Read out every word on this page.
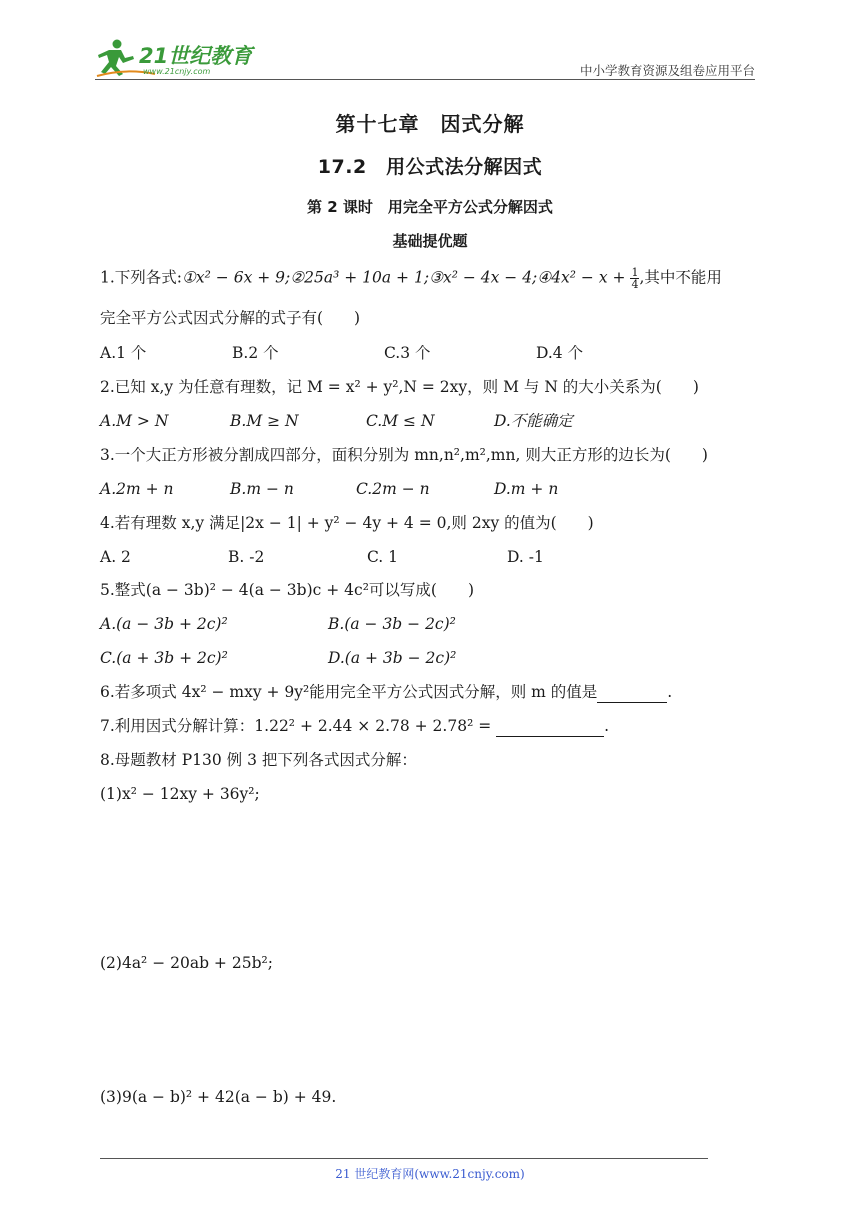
21世纪教育
www.21cnjy.com	中小学教育资源及组卷应用平台
第十七章　因式分解
17.2　用公式法分解因式
第 2 课时　用完全平方公式分解因式
基础提优题
1.下列各式:①x² − 6x + 9;②25a³ + 10a + 1;③x² − 4x − 4;④4x² − $x + \frac{1}{4}$ ,其中不能用
完全平方公式因式分解的式子有(　　)
A.1 个	B.2 个	C.3 个	D.4 个
2.已知 x,y 为任意有理数，记 M = x² + y²,N = 2xy，则 M 与 N 的大小关系为(　　)
A.M > N	B.M ≥ N	C.M ≤ N	D.不能确定
3.一个大正方形被分割成四部分，面积分别为 mn,n²,m²,mn, 则大正方形的边长为(　　)
A.2m + n	B.m − n	C.2m − n	D.m + n
4.若有理数 x,y 满足|2x − 1| + y² − 4y + 4 = 0,则 2xy 的值为(　　)
A. 2	B. -2	C. 1	D. -1
5.整式(a − 3b)² − 4(a − 3b)c + 4c²可以写成(　　)
A.(a − 3b + 2c)²	B.(a − 3b − 2c)²
C.(a + 3b + 2c)²	D.(a + 3b − 2c)²
6.若多项式 4x² − mxy + 9y²能用完全平方公式因式分解，则 m 的值是	.
7.利用因式分解计算：1.22² + 2.44 × 2.78 + 2.78² =	.
8.母题教材 P130 例 3 把下列各式因式分解：
(1)x² − 12xy + 36y²;
(2)4a² − 20ab + 25b²;
(3)9(a − b)² + 42(a − b) + 49.
21 世纪教育网(www.21cnjy.com)
